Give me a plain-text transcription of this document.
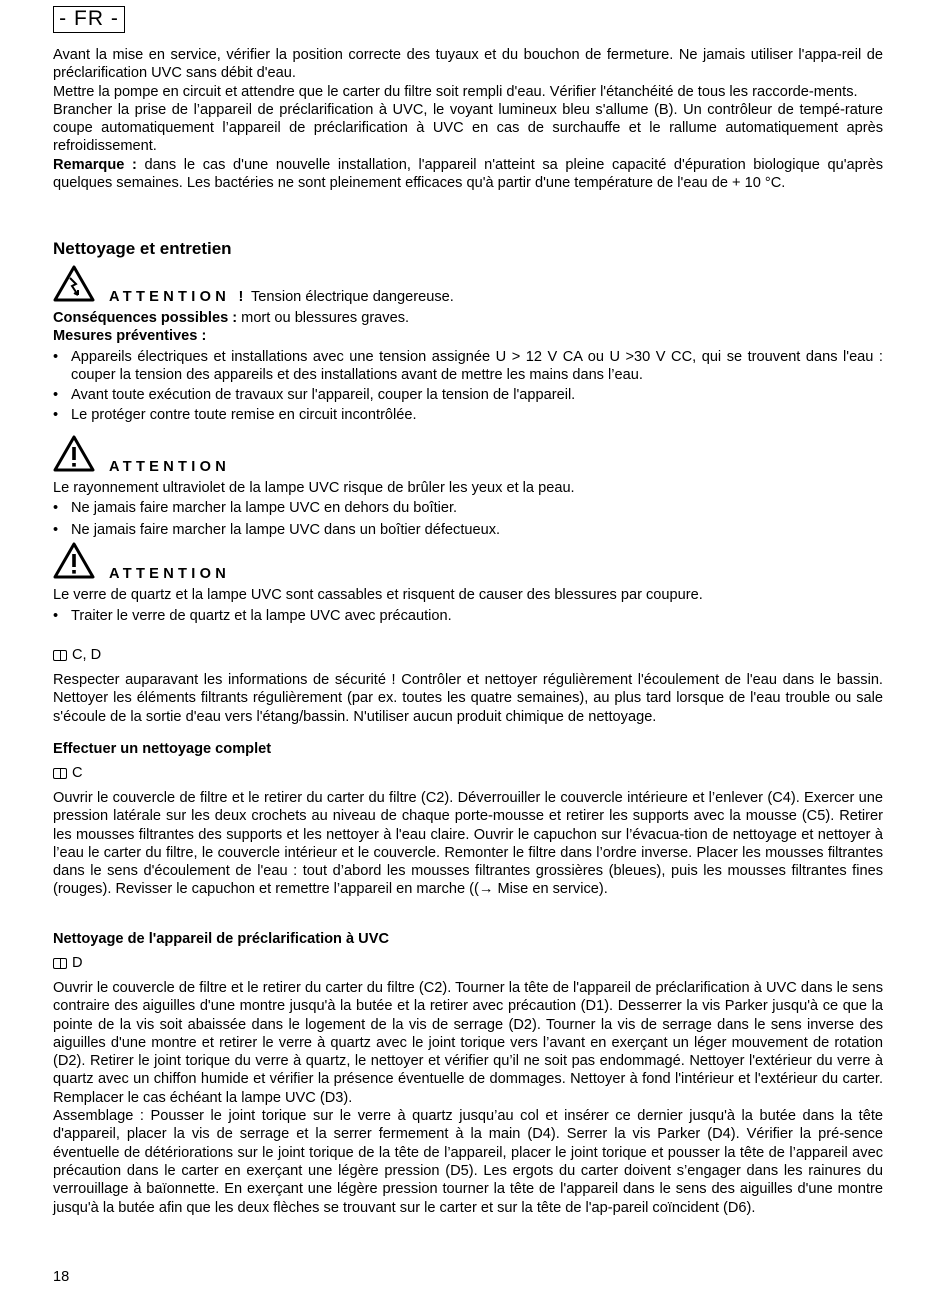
- FR -

Avant la mise en service, vérifier la position correcte des tuyaux et du bouchon de fermeture. Ne jamais utiliser l'appa-reil de préclarification UVC sans débit d'eau.

Mettre la pompe en circuit et attendre que le carter du filtre soit rempli d'eau. Vérifier l'étanchéité de tous les raccorde-ments.

Brancher la prise de l’appareil de préclarification à UVC, le voyant lumineux bleu s'allume (B). Un contrôleur de tempé-rature coupe automatiquement l’appareil de préclarification à UVC en cas de surchauffe et le rallume automatiquement après refroidissement.

Remarque : dans le cas d'une nouvelle installation, l'appareil n'atteint sa pleine capacité d'épuration biologique qu'après quelques semaines. Les bactéries ne sont pleinement efficaces qu'à partir d'une température de l'eau de + 10 °C.

Nettoyage et entretien
ATTENTION ! Tension électrique dangereuse.

Conséquences possibles : mort ou blessures graves.

Mesures préventives :

• Appareils électriques et installations avec une tension assignée U > 12 V CA ou U >30 V CC, qui se trouvent dans l'eau : couper la tension des appareils et des installations avant de mettre les mains dans l’eau.
• Avant toute exécution de travaux sur l'appareil, couper la tension de l'appareil.
• Le protéger contre toute remise en circuit incontrôlée.
ATTENTION

Le rayonnement ultraviolet de la lampe UVC risque de brûler les yeux et la peau.

• Ne jamais faire marcher la lampe UVC en dehors du boîtier.
• Ne jamais faire marcher la lampe UVC dans un boîtier défectueux.
ATTENTION

Le verre de quartz et la lampe UVC sont cassables et risquent de causer des blessures par coupure.

• Traiter le verre de quartz et la lampe UVC avec précaution.
C, D
Respecter auparavant les informations de sécurité ! Contrôler et nettoyer régulièrement l'écoulement de l'eau dans le bassin. Nettoyer les éléments filtrants régulièrement (par ex. toutes les quatre semaines), au plus tard lorsque de l'eau trouble ou sale s'écoule de la sortie d'eau vers l'étang/bassin. N'utiliser aucun produit chimique de nettoyage.
Effectuer un nettoyage complet
C
Ouvrir le couvercle de filtre et le retirer du carter du filtre (C2). Déverrouiller le couvercle intérieure et l’enlever (C4). Exercer une pression latérale sur les deux crochets au niveau de chaque porte-mousse et retirer les supports avec la mousse (C5). Retirer les mousses filtrantes des supports et les nettoyer à l'eau claire. Ouvrir le capuchon sur l’évacua-tion de nettoyage et nettoyer à l’eau le carter du filtre, le couvercle intérieur et le couvercle. Remonter le filtre dans l’ordre inverse. Placer les mousses filtrantes dans le sens d'écoulement de l'eau : tout d’abord les mousses filtrantes grossières (bleues), puis les mousses filtrantes fines (rouges). Revisser le capuchon et remettre l’appareil en marche ((→ Mise en service).
Nettoyage de l'appareil de préclarification à UVC
D

Ouvrir le couvercle de filtre et le retirer du carter du filtre (C2). Tourner la tête de l'appareil de préclarification à UVC dans le sens contraire des aiguilles d'une montre jusqu'à la butée et la retirer avec précaution (D1). Desserrer la vis Parker jusqu'à ce que la pointe de la vis soit abaissée dans le logement de la vis de serrage (D2). Tourner la vis de serrage dans le sens inverse des aiguilles d'une montre et retirer le verre à quartz avec le joint torique vers l’avant en exerçant un léger mouvement de rotation (D2). Retirer le joint torique du verre à quartz, le nettoyer et vérifier qu’il ne soit pas endommagé. Nettoyer l'extérieur du verre à quartz avec un chiffon humide et vérifier la présence éventuelle de dommages. Nettoyer à fond l'intérieur et l'extérieur du carter. Remplacer le cas échéant la lampe UVC (D3).

Assemblage : Pousser le joint torique sur le verre à quartz jusqu’au col et insérer ce dernier jusqu'à la butée dans la tête d'appareil, placer la vis de serrage et la serrer fermement à la main (D4). Serrer la vis Parker (D4). Vérifier la pré-sence éventuelle de détériorations sur le joint torique de la tête de l’appareil, placer le joint torique et pousser la tête de l’appareil avec précaution dans le carter en exerçant une légère pression (D5). Les ergots du carter doivent s’engager dans les rainures du verrouillage à baïonnette. En exerçant une légère pression tourner la tête de l'appareil dans le sens des aiguilles d'une montre jusqu'à la butée afin que les deux flèches se trouvant sur le carter et sur la tête de l'ap-pareil coïncident (D6).

18
